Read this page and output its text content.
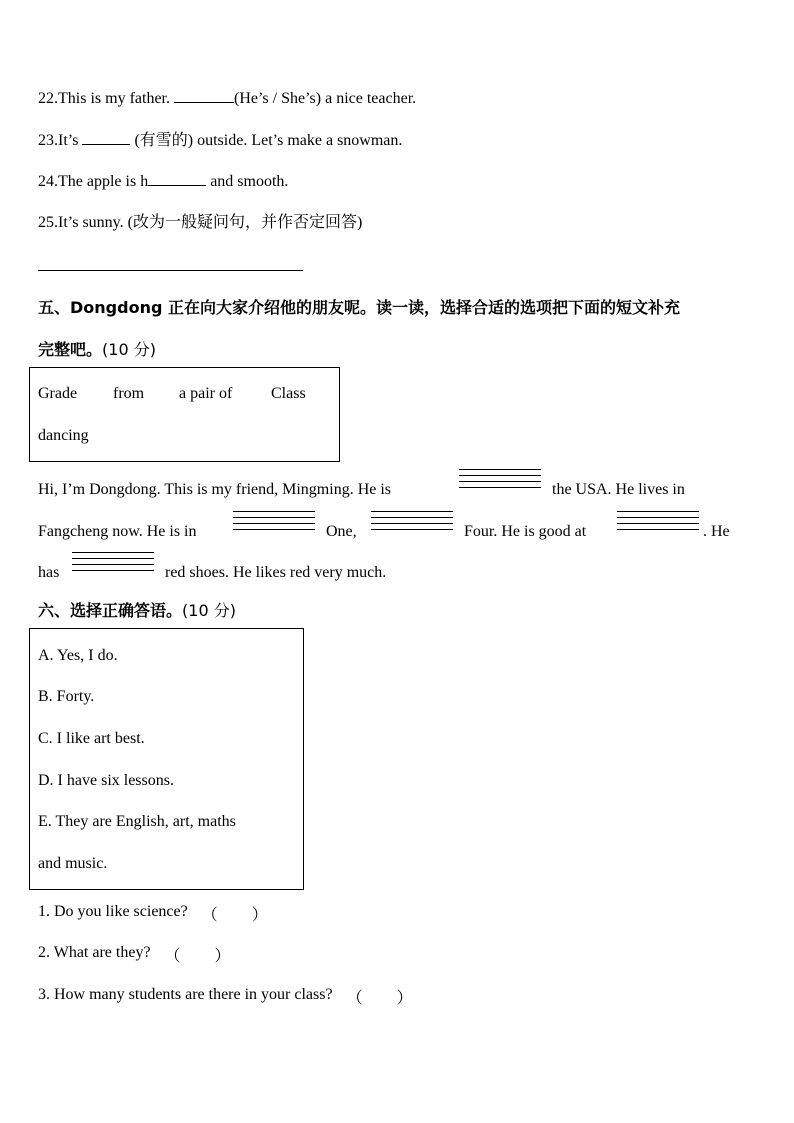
22.This is my father.	(He’s / She’s) a nice teacher.
23.It’s	(有雪的) outside. Let’s make a snowman.
24.The apple is h	and smooth.
25.It’s sunny. (改为一般疑问句，并作否定回答)
五、Dongdong 正在向大家介绍他的朋友呢。读一读，选择合适的选项把下面的短文补充
完整吧。(10 分)
Grade from a pair of Class
dancing
Hi, I’m Dongdong. This is my friend, Mingming. He is	the USA. He lives in
Fangcheng now. He is in	One,	Four. He is good at	. He
has	red shoes. He likes red very much.
六、选择正确答语。(10 分)
A. Yes, I do.
B. Forty.
C. I like art best.
D. I have six lessons.
E. They are English, art, maths
and music.
1. Do you like science? （ ）
2. What are they? （ ）
3. How many students are there in your class? （ ）
